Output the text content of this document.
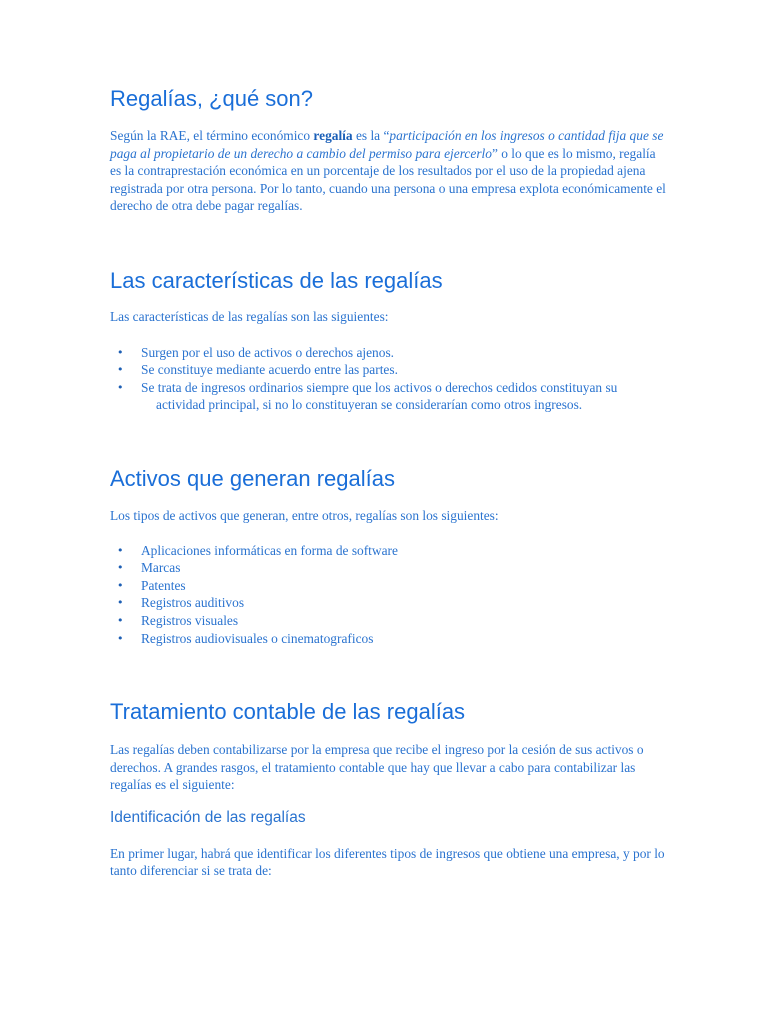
Regalías, ¿qué son?

Según la RAE, el término económico regalía es la “participación en los ingresos o cantidad fija que se paga al propietario de un derecho a cambio del permiso para ejercerlo” o lo que es lo mismo, regalía es la contraprestación económica en un porcentaje de los resultados por el uso de la propiedad ajena registrada por otra persona. Por lo tanto, cuando una persona o una empresa explota económicamente el derecho de otra debe pagar regalías.

Las características de las regalías

Las características de las regalías son las siguientes:

• Surgen por el uso de activos o derechos ajenos.
• Se constituye mediante acuerdo entre las partes.
• Se trata de ingresos ordinarios siempre que los activos o derechos cedidos constituyan su actividad principal, si no lo constituyeran se considerarían como otros ingresos.
Activos que generan regalías

Los tipos de activos que generan, entre otros, regalías son los siguientes:

• Aplicaciones informáticas en forma de software
• Marcas
• Patentes
• Registros auditivos
• Registros visuales
• Registros audiovisuales o cinematograficos
Tratamiento contable de las regalías

Las regalías deben contabilizarse por la empresa que recibe el ingreso por la cesión de sus activos o derechos. A grandes rasgos, el tratamiento contable que hay que llevar a cabo para contabilizar las regalías es el siguiente:

Identificación de las regalías

En primer lugar, habrá que identificar los diferentes tipos de ingresos que obtiene una empresa, y por lo tanto diferenciar si se trata de:
